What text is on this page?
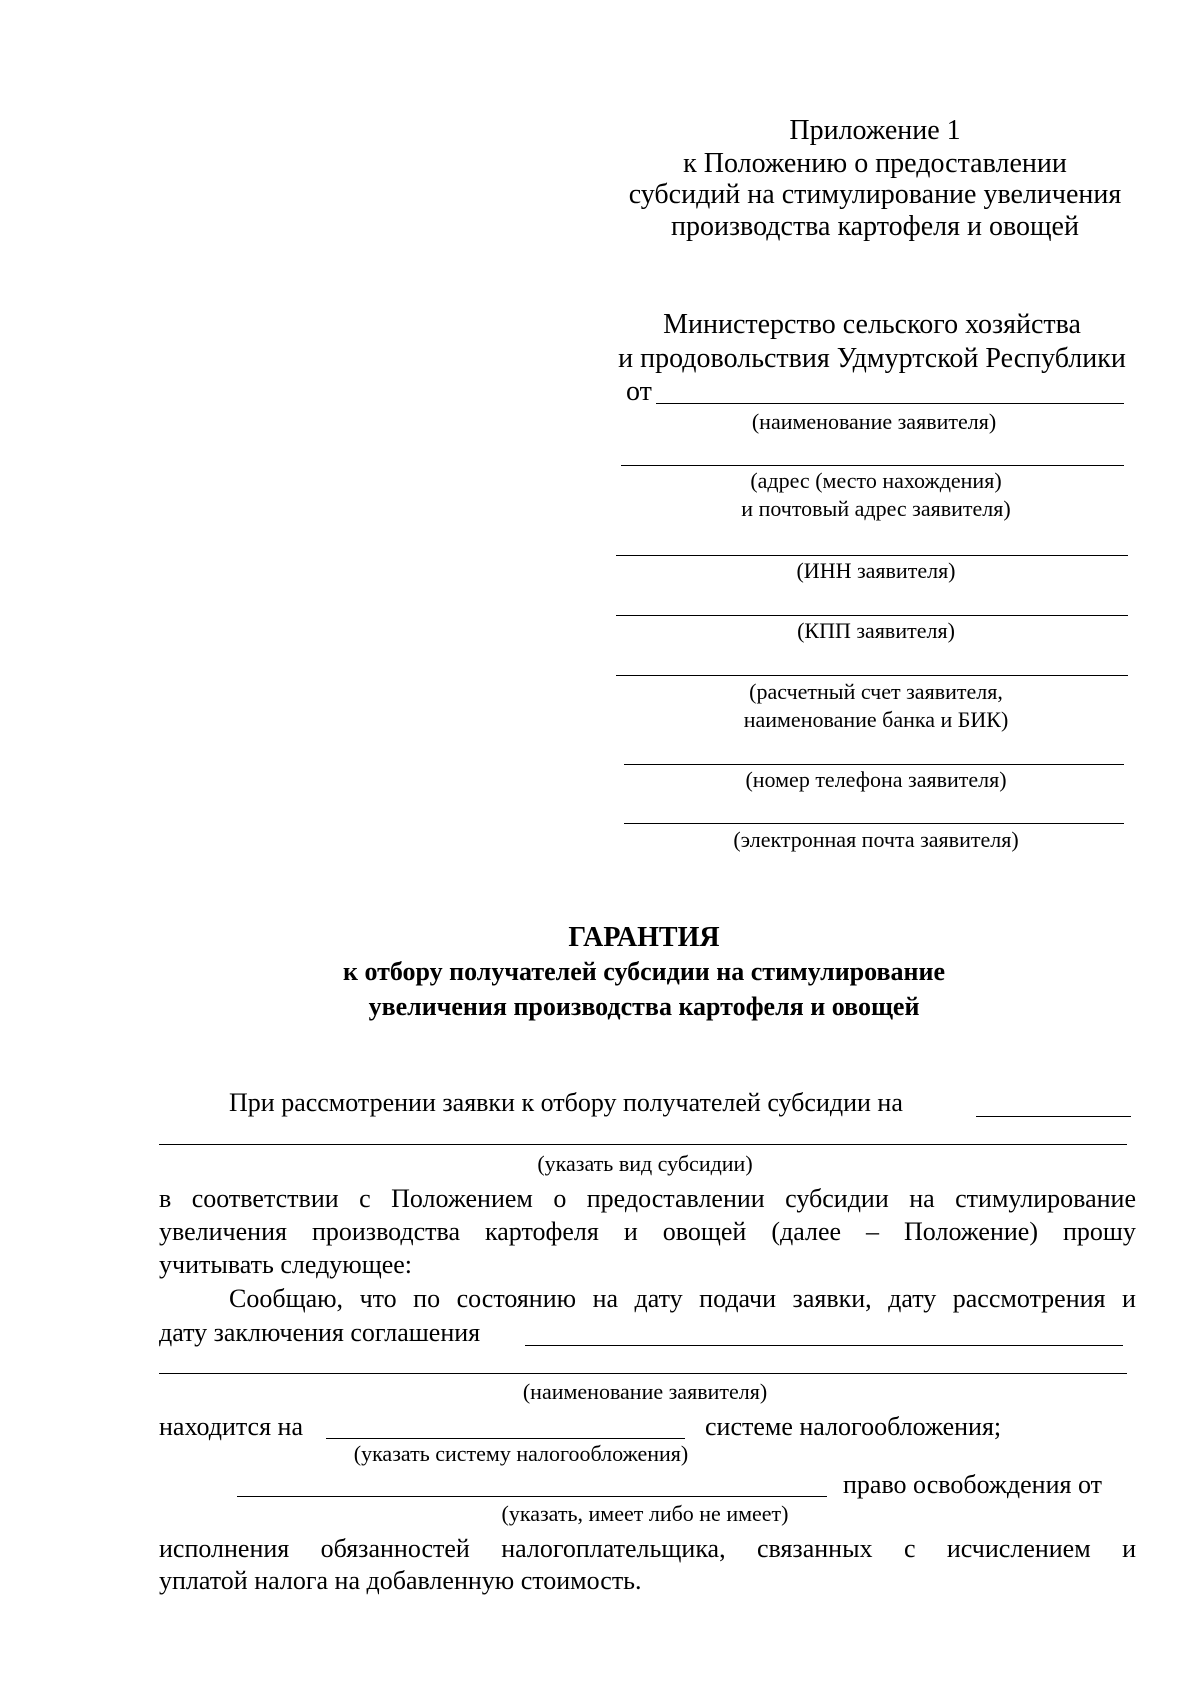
Приложение 1
к Положению о предоставлении
субсидий на стимулирование увеличения
производства картофеля и овощей
Министерство сельского хозяйства
и продовольствия Удмуртской Республики
от
(наименование заявителя)
(адрес (место нахождения)
и почтовый адрес заявителя)
(ИНН заявителя)
(КПП заявителя)
(расчетный счет заявителя,
наименование банка и БИК)
(номер телефона заявителя)
(электронная почта заявителя)
ГАРАНТИЯ
к отбору получателей субсидии на стимулирование
увеличения производства картофеля и овощей
При рассмотрении заявки к отбору получателей субсидии на
(указать вид субсидии)
в соответствии с Положением о предоставлении субсидии на стимулирование
увеличения производства картофеля и овощей (далее – Положение) прошу
учитывать следующее:
Сообщаю, что по состоянию на дату подачи заявки, дату рассмотрения и
дату заключения соглашения
(наименование заявителя)
находится на	системе налогообложения;
(указать систему налогообложения)
право освобождения от
(указать, имеет либо не имеет)
исполнения обязанностей налогоплательщика, связанных с исчислением и
уплатой налога на добавленную стоимость.
